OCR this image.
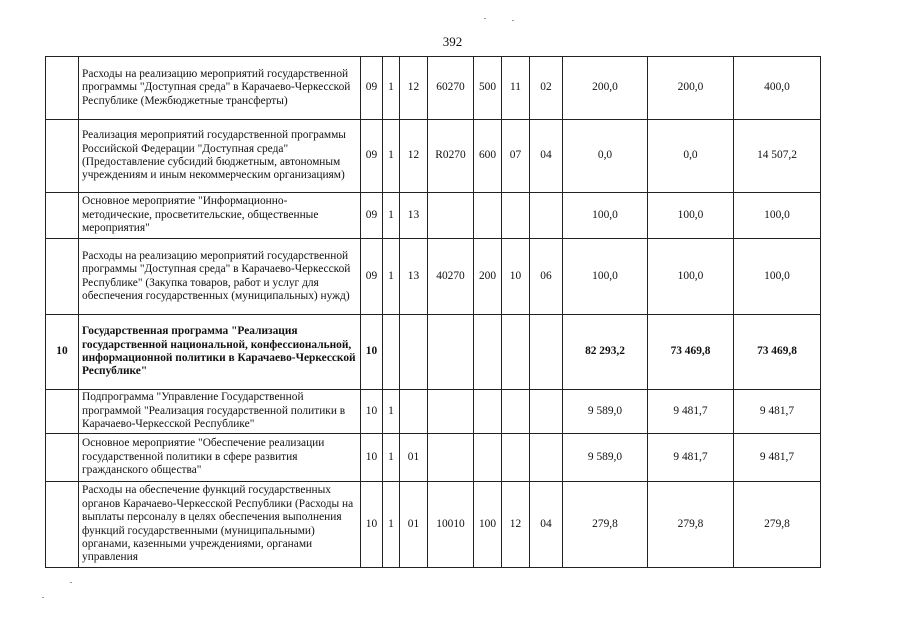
392
	Расходы на реализацию мероприятий государственной программы "Доступная среда" в Карачаево-Черкесской Республике (Межбюджетные трансферты)	09	1	12	60270	500	11	02	200,0	200,0	400,0
	Реализация мероприятий государственной программы Российской Федерации "Доступная среда" (Предоставление субсидий бюджетным, автономным учреждениям и иным некоммерческим организациям)	09	1	12	R0270	600	07	04	0,0	0,0	14 507,2
	Основное мероприятие "Информационно-методические, просветительские, общественные мероприятия"	09	1	13					100,0	100,0	100,0
	Расходы на реализацию мероприятий государственной программы "Доступная среда" в Карачаево-Черкесской Республике" (Закупка товаров, работ и услуг для обеспечения государственных (муниципальных) нужд)	09	1	13	40270	200	10	06	100,0	100,0	100,0
10	Государственная программа "Реализация государственной национальной, конфессиональной, информационной политики в Карачаево-Черкесской Республике"	10							82 293,2	73 469,8	73 469,8
	Подпрограмма "Управление Государственной программой "Реализация государственной политики в Карачаево-Черкесской Республике"	10	1						9 589,0	9 481,7	9 481,7
	Основное мероприятие "Обеспечение реализации государственной политики в сфере развития гражданского общества"	10	1	01					9 589,0	9 481,7	9 481,7
	Расходы на обеспечение функций государственных органов Карачаево-Черкесской Республики (Расходы на выплаты персоналу в целях обеспечения выполнения функций государственными (муниципальными) органами, казенными учреждениями, органами управления	10	1	01	10010	100	12	04	279,8	279,8	279,8
